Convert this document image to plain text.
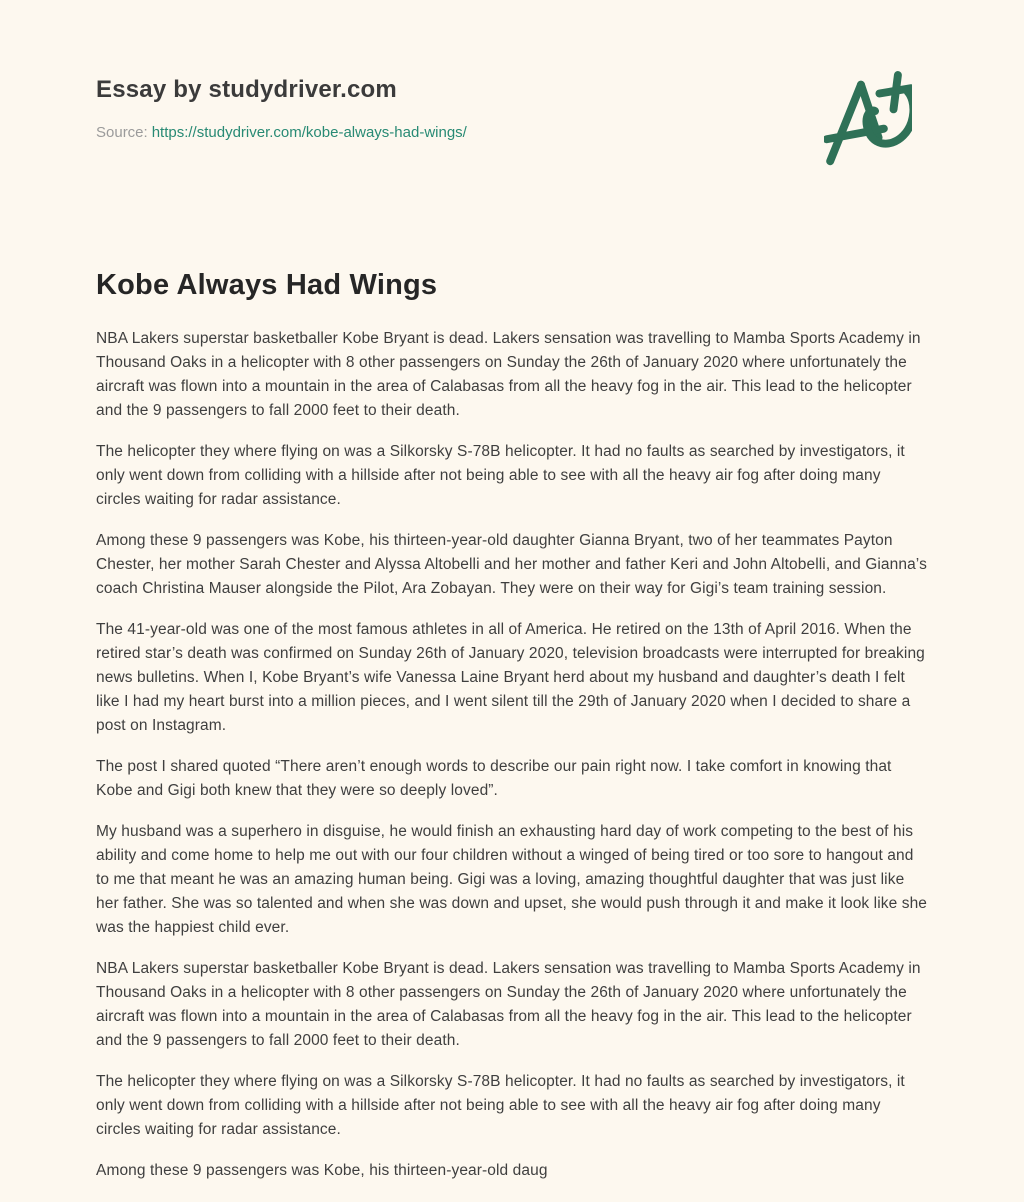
Essay by studydriver.com

Source: https://studydriver.com/kobe-always-had-wings/

Kobe Always Had Wings

NBA Lakers superstar basketballer Kobe Bryant is dead. Lakers sensation was travelling to Mamba Sports Academy in Thousand Oaks in a helicopter with 8 other passengers on Sunday the 26th of January 2020 where unfortunately the aircraft was flown into a mountain in the area of Calabasas from all the heavy fog in the air. This lead to the helicopter and the 9 passengers to fall 2000 feet to their death.

The helicopter they where flying on was a Silkorsky S-78B helicopter. It had no faults as searched by investigators, it only went down from colliding with a hillside after not being able to see with all the heavy air fog after doing many circles waiting for radar assistance.

Among these 9 passengers was Kobe, his thirteen-year-old daughter Gianna Bryant, two of her teammates Payton Chester, her mother Sarah Chester and Alyssa Altobelli and her mother and father Keri and John Altobelli, and Gianna’s coach Christina Mauser alongside the Pilot, Ara Zobayan. They were on their way for Gigi’s team training session.

The 41-year-old was one of the most famous athletes in all of America. He retired on the 13th of April 2016. When the retired star’s death was confirmed on Sunday 26th of January 2020, television broadcasts were interrupted for breaking news bulletins. When I, Kobe Bryant’s wife Vanessa Laine Bryant herd about my husband and daughter’s death I felt like I had my heart burst into a million pieces, and I went silent till the 29th of January 2020 when I decided to share a post on Instagram.

The post I shared quoted “There aren’t enough words to describe our pain right now. I take comfort in knowing that Kobe and Gigi both knew that they were so deeply loved”.

My husband was a superhero in disguise, he would finish an exhausting hard day of work competing to the best of his ability and come home to help me out with our four children without a winged of being tired or too sore to hangout and to me that meant he was an amazing human being. Gigi was a loving, amazing thoughtful daughter that was just like her father. She was so talented and when she was down and upset, she would push through it and make it look like she was the happiest child ever.

NBA Lakers superstar basketballer Kobe Bryant is dead. Lakers sensation was travelling to Mamba Sports Academy in Thousand Oaks in a helicopter with 8 other passengers on Sunday the 26th of January 2020 where unfortunately the aircraft was flown into a mountain in the area of Calabasas from all the heavy fog in the air. This lead to the helicopter and the 9 passengers to fall 2000 feet to their death.

The helicopter they where flying on was a Silkorsky S-78B helicopter. It had no faults as searched by investigators, it only went down from colliding with a hillside after not being able to see with all the heavy air fog after doing many circles waiting for radar assistance.

Among these 9 passengers was Kobe, his thirteen-year-old daug
